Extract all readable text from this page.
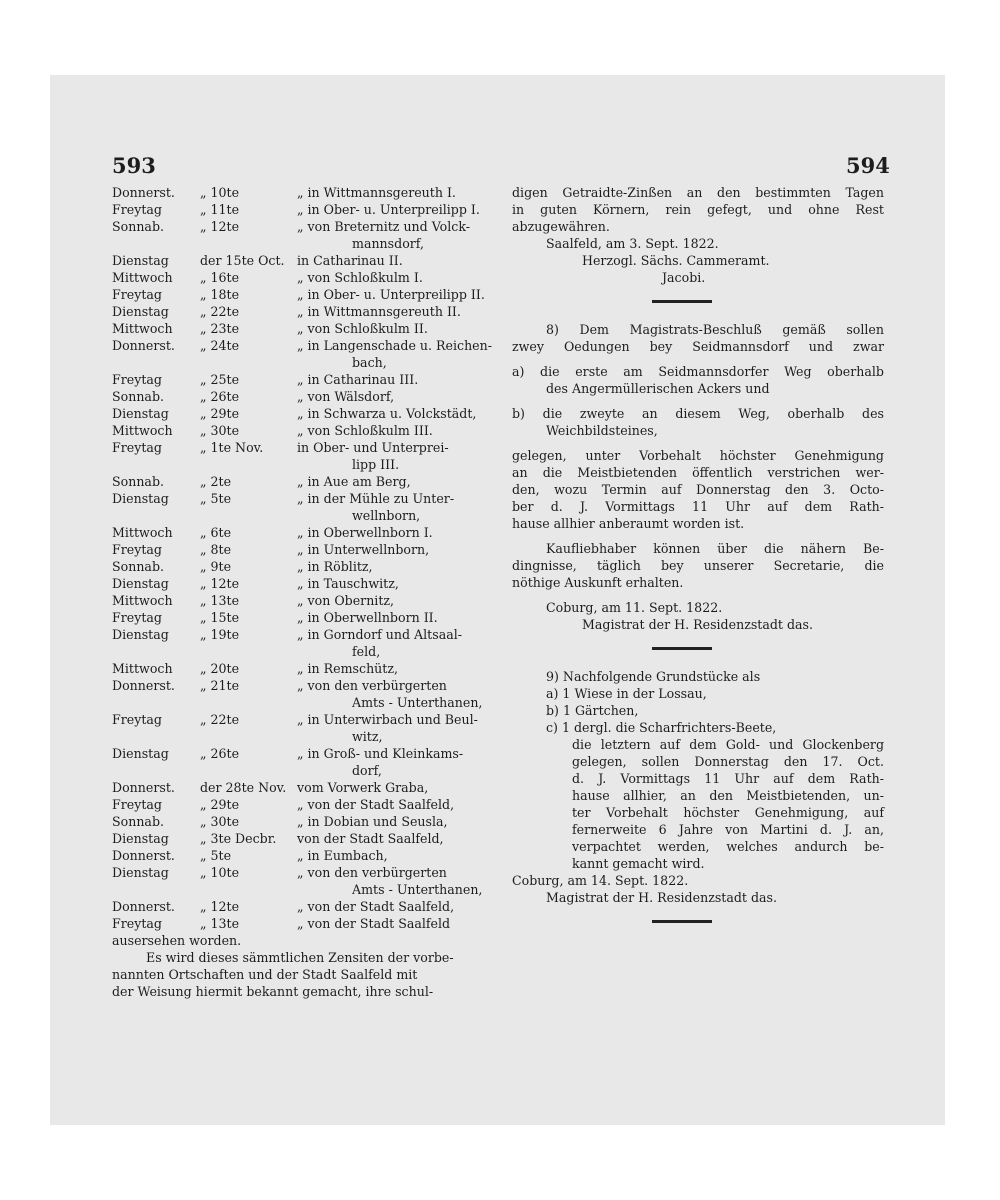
593	594
Donnerst.	„ 10te	„ in Wittmannsgereuth I.
Freytag	„ 11te	„ in Ober- u. Unterpreilipp I.
Sonnab.	„ 12te	„ von Breternitz und Volck-
mannsdorf,
Dienstag	der 15te Oct. in Catharinau II.
Mittwoch	„ 16te	„ von Schloßkulm I.
Freytag	„ 18te	„ in Ober- u. Unterpreilipp II.
Dienstag	„ 22te	„ in Wittmannsgereuth II.
Mittwoch	„ 23te	„ von Schloßkulm II.
Donnerst.	„ 24te	„ in Langenschade u. Reichen-
bach,
Freytag	„ 25te	„ in Catharinau III.
Sonnab.	„ 26te	„ von Wälsdorf,
Dienstag	„ 29te	„ in Schwarza u. Volckstädt,
Mittwoch	„ 30te	„ von Schloßkulm III.
Freytag	„ 1te Nov.	in Ober- und Unterprei-
lipp III.
Sonnab.	„ 2te	„ in Aue am Berg,
Dienstag	„ 5te	„ in der Mühle zu Unter-
wellnborn,
Mittwoch	„ 6te	„ in Oberwellnborn I.
Freytag	„ 8te	„ in Unterwellnborn,
Sonnab.	„ 9te	„ in Röblitz,
Dienstag	„ 12te	„ in Tauschwitz,
Mittwoch	„ 13te	„ von Obernitz,
Freytag	„ 15te	„ in Oberwellnborn II.
Dienstag	„ 19te	„ in Gorndorf und Altsaal-
feld,
Mittwoch	„ 20te	„ in Remschütz,
Donnerst.	„ 21te	„ von den verbürgerten
Amts - Unterthanen,
Freytag	„ 22te	„ in Unterwirbach und Beul-
witz,
Dienstag	„ 26te	„ in Groß- und Kleinkams-
dorf,
Donnerst.	der 28te Nov. vom Vorwerk Graba,
Freytag	„ 29te	„ von der Stadt Saalfeld,
Sonnab.	„ 30te	„ in Dobian und Seusla,
Dienstag	„ 3te Decbr.	von der Stadt Saalfeld,
Donnerst.	„ 5te	„ in Eumbach,
Dienstag	„ 10te	„ von den verbürgerten
Amts - Unterthanen,
Donnerst.	„ 12te	„ von der Stadt Saalfeld,
Freytag	„ 13te	„ von der Stadt Saalfeld
ausersehen worden.
Es wird dieses sämmtlichen Zensiten der vorbe-
nannten Ortschaften und der Stadt Saalfeld mit
der Weisung hiermit bekannt gemacht, ihre schul-
digen Getraidte-Zinßen an den bestimmten Tagen
in guten Körnern, rein gefegt, und ohne Rest
abzugewähren.
Saalfeld, am 3. Sept. 1822.
Herzogl. Sächs. Cammeramt.
Jacobi.
8) Dem Magistrats-Beschluß gemäß sollen
zwey Oedungen bey Seidmannsdorf und zwar
a) die erste am Seidmannsdorfer Weg oberhalb
des Angermüllerischen Ackers und
b) die zweyte an diesem Weg, oberhalb des
Weichbildsteines,
gelegen, unter Vorbehalt höchster Genehmigung
an die Meistbietenden öffentlich verstrichen wer-
den, wozu Termin auf Donnerstag den 3. Octo-
ber d. J. Vormittags 11 Uhr auf dem Rath-
hause allhier anberaumt worden ist.
Kaufliebhaber können über die nähern Be-
dingnisse, täglich bey unserer Secretarie, die
nöthige Auskunft erhalten.
Coburg, am 11. Sept. 1822.
Magistrat der H. Residenzstadt das.
9) Nachfolgende Grundstücke als
a) 1 Wiese in der Lossau,
b) 1 Gärtchen,
c) 1 dergl. die Scharfrichters-Beete,
die letztern auf dem Gold- und Glockenberg
gelegen, sollen Donnerstag den 17. Oct.
d. J. Vormittags 11 Uhr auf dem Rath-
hause allhier, an den Meistbietenden, un-
ter Vorbehalt höchster Genehmigung, auf
fernerweite 6 Jahre von Martini d. J. an,
verpachtet werden, welches andurch be-
kannt gemacht wird.
Coburg, am 14. Sept. 1822.
Magistrat der H. Residenzstadt das.
